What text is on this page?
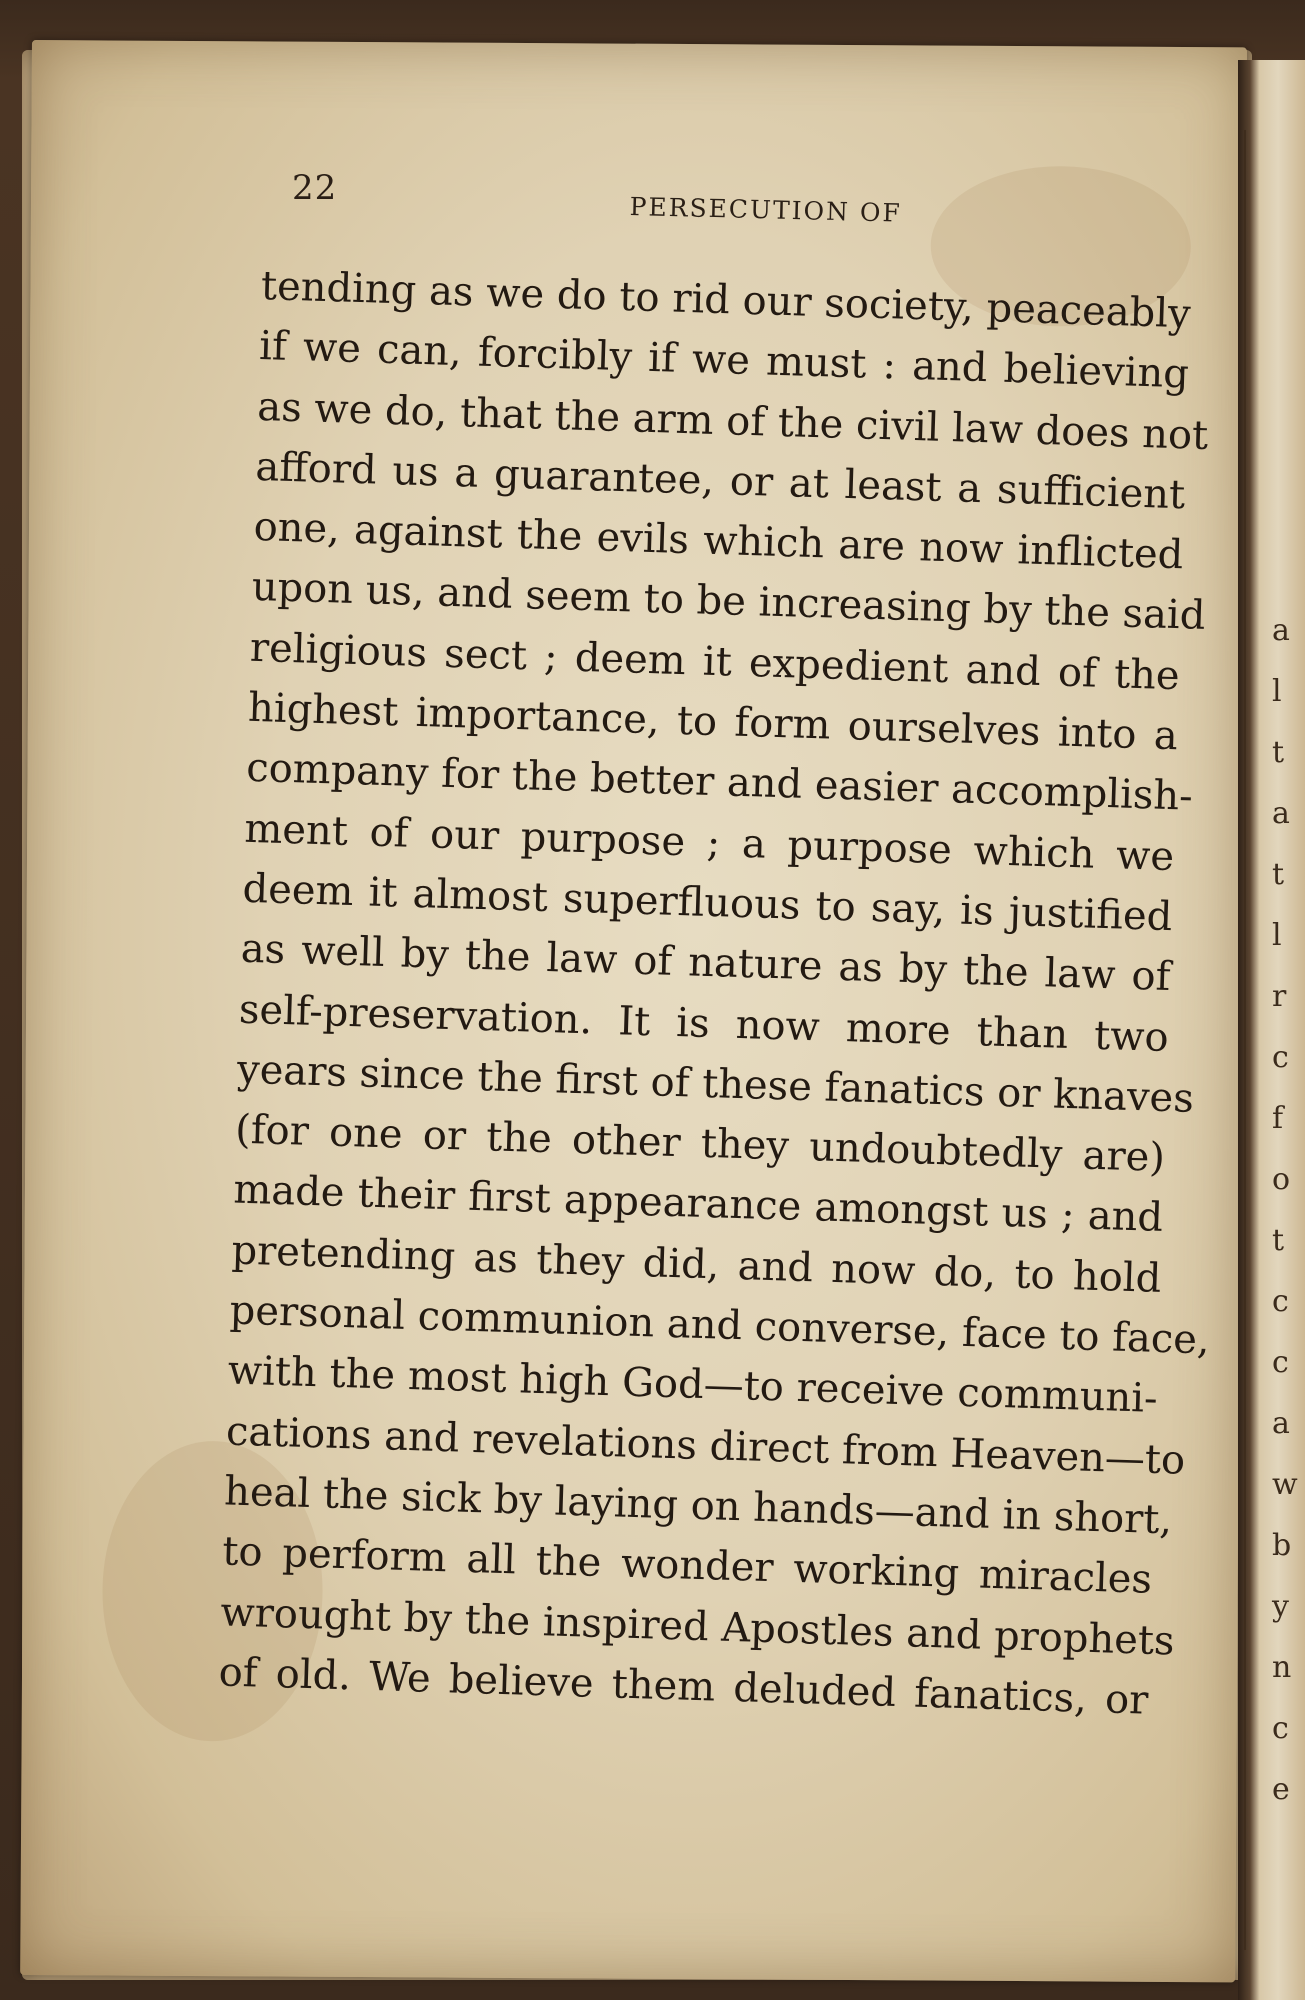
a
l
t
a
t
l
r
c
f
o
t
c
c
a
w
b
y
n
c
e
22
PERSECUTION OF
tending as we do to rid our society, peaceably
if we can, forcibly if we must : and believing
as we do, that the arm of the civil law does not
afford us a guarantee, or at least a sufficient
one, against the evils which are now inflicted
upon us, and seem to be increasing by the said
religious sect ; deem it expedient and of the
highest importance, to form ourselves into a
company for the better and easier accomplish-
ment of our purpose ; a purpose which we
deem it almost superfluous to say, is justified
as well by the law of nature as by the law of
self-preservation. It is now more than two
years since the first of these fanatics or knaves
(for one or the other they undoubtedly are)
made their first appearance amongst us ; and
pretending as they did, and now do, to hold
personal communion and converse, face to face,
with the most high God—to receive communi-
cations and revelations direct from Heaven—to
heal the sick by laying on hands—and in short,
to perform all the wonder working miracles
wrought by the inspired Apostles and prophets
of old. We believe them deluded fanatics, or
